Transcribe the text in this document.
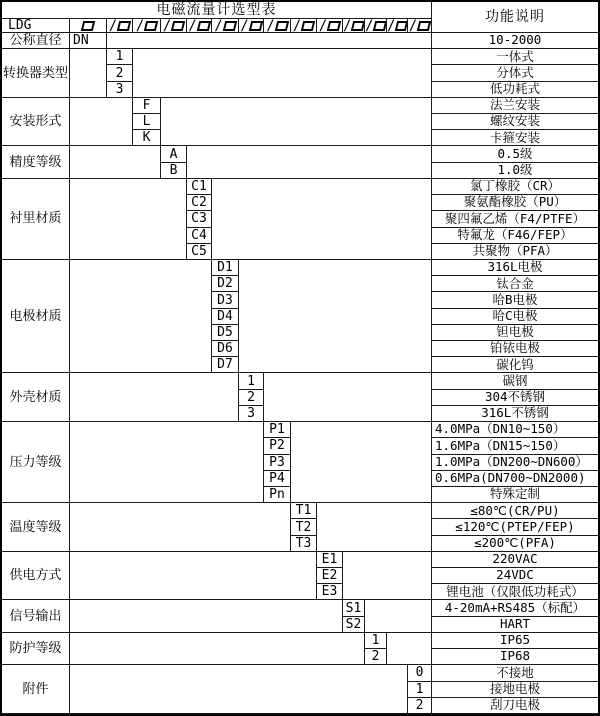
电磁流量计选型表	功能说明
LDG	/ / / / / / / / / / / / /
公称直径 DN	10-2000
转换器类型
1	一体式
2	分体式
3	低功耗式
安装形式
F	法兰安装
L	螺纹安装
K	卡箍安装
精度等级
A	0.5级
B	1.0级
衬里材质
C1	氯丁橡胶（CR）
C2	聚氨酯橡胶（PU）
C3	聚四氟乙烯（F4/PTFE）
C4	特氟龙（F46/FEP）
C5	共聚物（PFA）
电极材质
D1	316L电极
D2	钛合金
D3	哈B电极
D4	哈C电极
D5	钽电极
D6	铂铱电极
D7	碳化钨
外壳材质
1	碳钢
2	304不锈钢
3	316L不锈钢
压力等级
P1	4.0MPa（DN10~150）
P2	1.6MPa（DN15~150）
P3	1.0MPa（DN200~DN600）
P4	0.6MPa(DN700~DN2000)
Pn	特殊定制
温度等级
T1	≤80℃(CR/PU)
T2	≤120℃(PTEP/FEP)
T3	≤200℃(PFA)
供电方式
E1	220VAC
E2	24VDC
E3	锂电池（仅限低功耗式）
信号输出
S1	4-20mA+RS485（标配）
S2	HART
防护等级
1	IP65
2	IP68
附件
0	不接地
1	接地电极
2	刮刀电极
